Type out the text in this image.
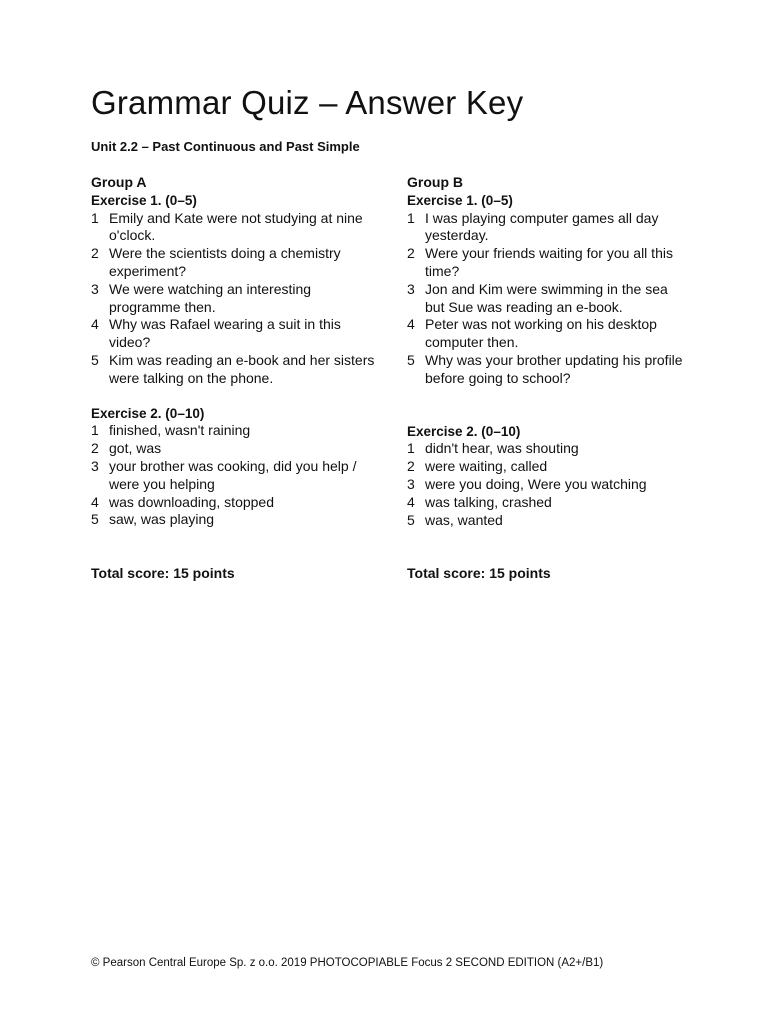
Grammar Quiz – Answer Key

Unit 2.2 – Past Continuous and Past Simple

Group A

Exercise 1. (0–5)

1 Emily and Kate were not studying at nine o'clock.
2 Were the scientists doing a chemistry experiment?
3 We were watching an interesting programme then.
4 Why was Rafael wearing a suit in this video?
5 Kim was reading an e-book and her sisters were talking on the phone.

Exercise 2. (0–10)

1 finished, wasn't raining
2 got, was
3 your brother was cooking, did you help / were you helping
4 was downloading, stopped
5 saw, was playing

Total score: 15 points

Group B

Exercise 1. (0–5)

1 I was playing computer games all day yesterday.
2 Were your friends waiting for you all this time?
3 Jon and Kim were swimming in the sea but Sue was reading an e-book.
4 Peter was not working on his desktop computer then.
5 Why was your brother updating his profile before going to school?

Exercise 2. (0–10)

1 didn't hear, was shouting
2 were waiting, called
3 were you doing, Were you watching
4 was talking, crashed
5 was, wanted

Total score: 15 points

© Pearson Central Europe Sp. z o.o. 2019 PHOTOCOPIABLE Focus 2 SECOND EDITION (A2+/B1)
